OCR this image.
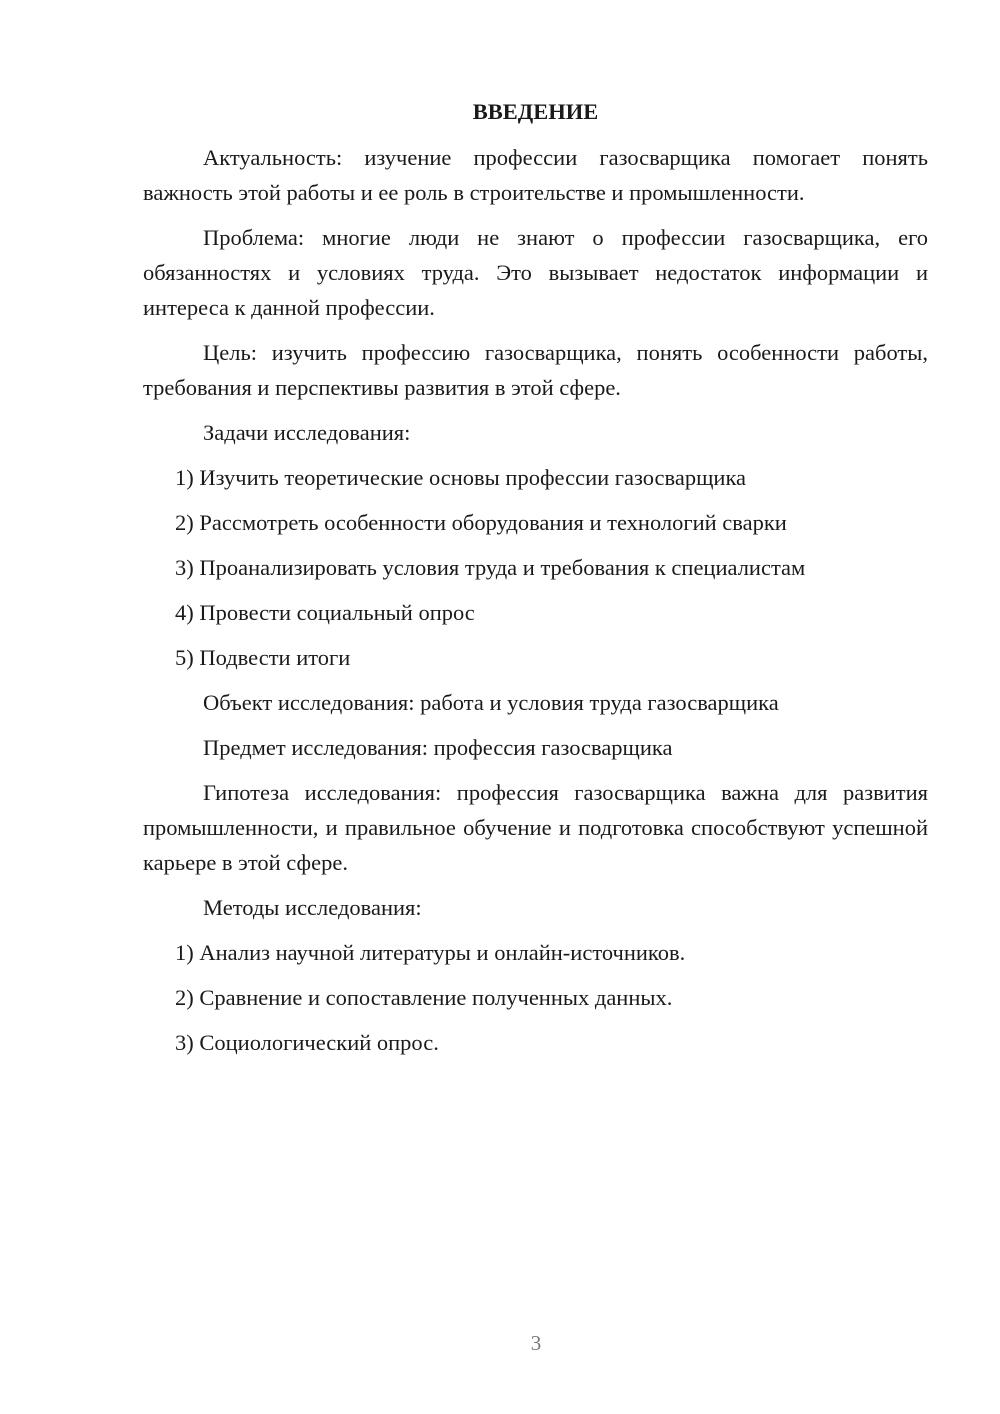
ВВЕДЕНИЕ

Актуальность: изучение профессии газосварщика помогает понять важность этой работы и ее роль в строительстве и промышленности.

Проблема: многие люди не знают о профессии газосварщика, его обязанностях и условиях труда. Это вызывает недостаток информации и интереса к данной профессии.

Цель: изучить профессию газосварщика, понять особенности работы, требования и перспективы развития в этой сфере.

Задачи исследования:

1) Изучить теоретические основы профессии газосварщика

2) Рассмотреть особенности оборудования и технологий сварки

3) Проанализировать условия труда и требования к специалистам

4) Провести социальный опрос

5) Подвести итоги

Объект исследования: работа и условия труда газосварщика

Предмет исследования: профессия газосварщика

Гипотеза исследования: профессия газосварщика важна для развития промышленности, и правильное обучение и подготовка способствуют успешной карьере в этой сфере.

Методы исследования:

1) Анализ научной литературы и онлайн-источников.

2) Сравнение и сопоставление полученных данных.

3) Социологический опрос.

3
